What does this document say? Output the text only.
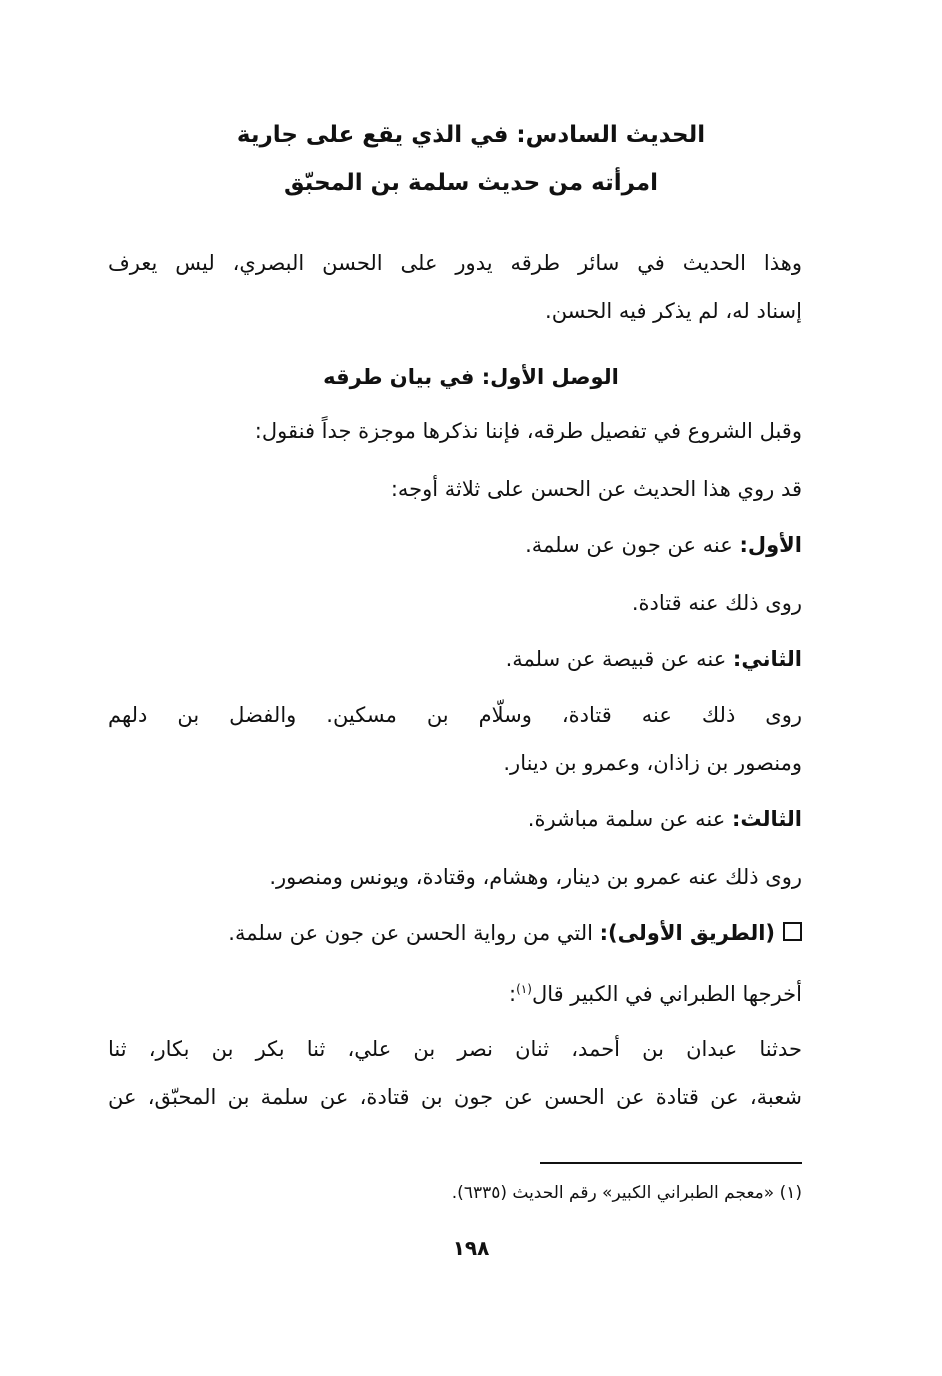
الحديث السادس: في الذي يقع على جارية
امرأته من حديث سلمة بن المحبّق
وهذا الحديث في سائر طرقه يدور على الحسن البصري، ليس يعرف
إسناد له، لم يذكر فيه الحسن.
الوصل الأول: في بيان طرقه
وقبل الشروع في تفصيل طرقه، فإننا نذكرها موجزة جداً فنقول:
قد روي هذا الحديث عن الحسن على ثلاثة أوجه:
الأول: عنه عن جون عن سلمة.
روى ذلك عنه قتادة.
الثاني: عنه عن قبيصة عن سلمة.
روى ذلك عنه قتادة، وسلّام بن مسكين. والفضل بن دلهم
ومنصور بن زاذان، وعمرو بن دينار.
الثالث: عنه عن سلمة مباشرة.
روى ذلك عنه عمرو بن دينار، وهشام، وقتادة، ويونس ومنصور.
(الطريق الأولى): التي من رواية الحسن عن جون عن سلمة.
أخرجها الطبراني في الكبير قال$^{(١)}$:
حدثنا عبدان بن أحمد، ثنان نصر بن علي، ثنا بكر بن بكار، ثنا
شعبة، عن قتادة عن الحسن عن جون بن قتادة، عن سلمة بن المحبّق، عن
(١) «معجم الطبراني الكبير» رقم الحديث (٦٣٣٥).
١٩٨
